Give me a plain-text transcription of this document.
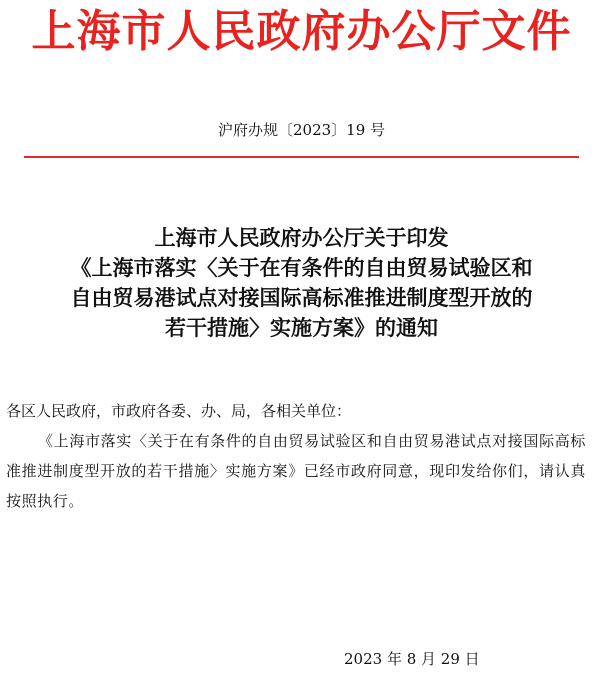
上海市人民政府办公厅文件
沪府办规〔2023〕19 号
上海市人民政府办公厅关于印发
《上海市落实〈关于在有条件的自由贸易试验区和
自由贸易港试点对接国际高标准推进制度型开放的
若干措施〉实施方案》的通知
各区人民政府，市政府各委、办、局，各相关单位：
《上海市落实〈关于在有条件的自由贸易试验区和自由贸易港试点对接国际高标准推进制度型开放的若干措施〉实施方案》已经市政府同意，现印发给你们，请认真按照执行。
2023 年 8 月 29 日
